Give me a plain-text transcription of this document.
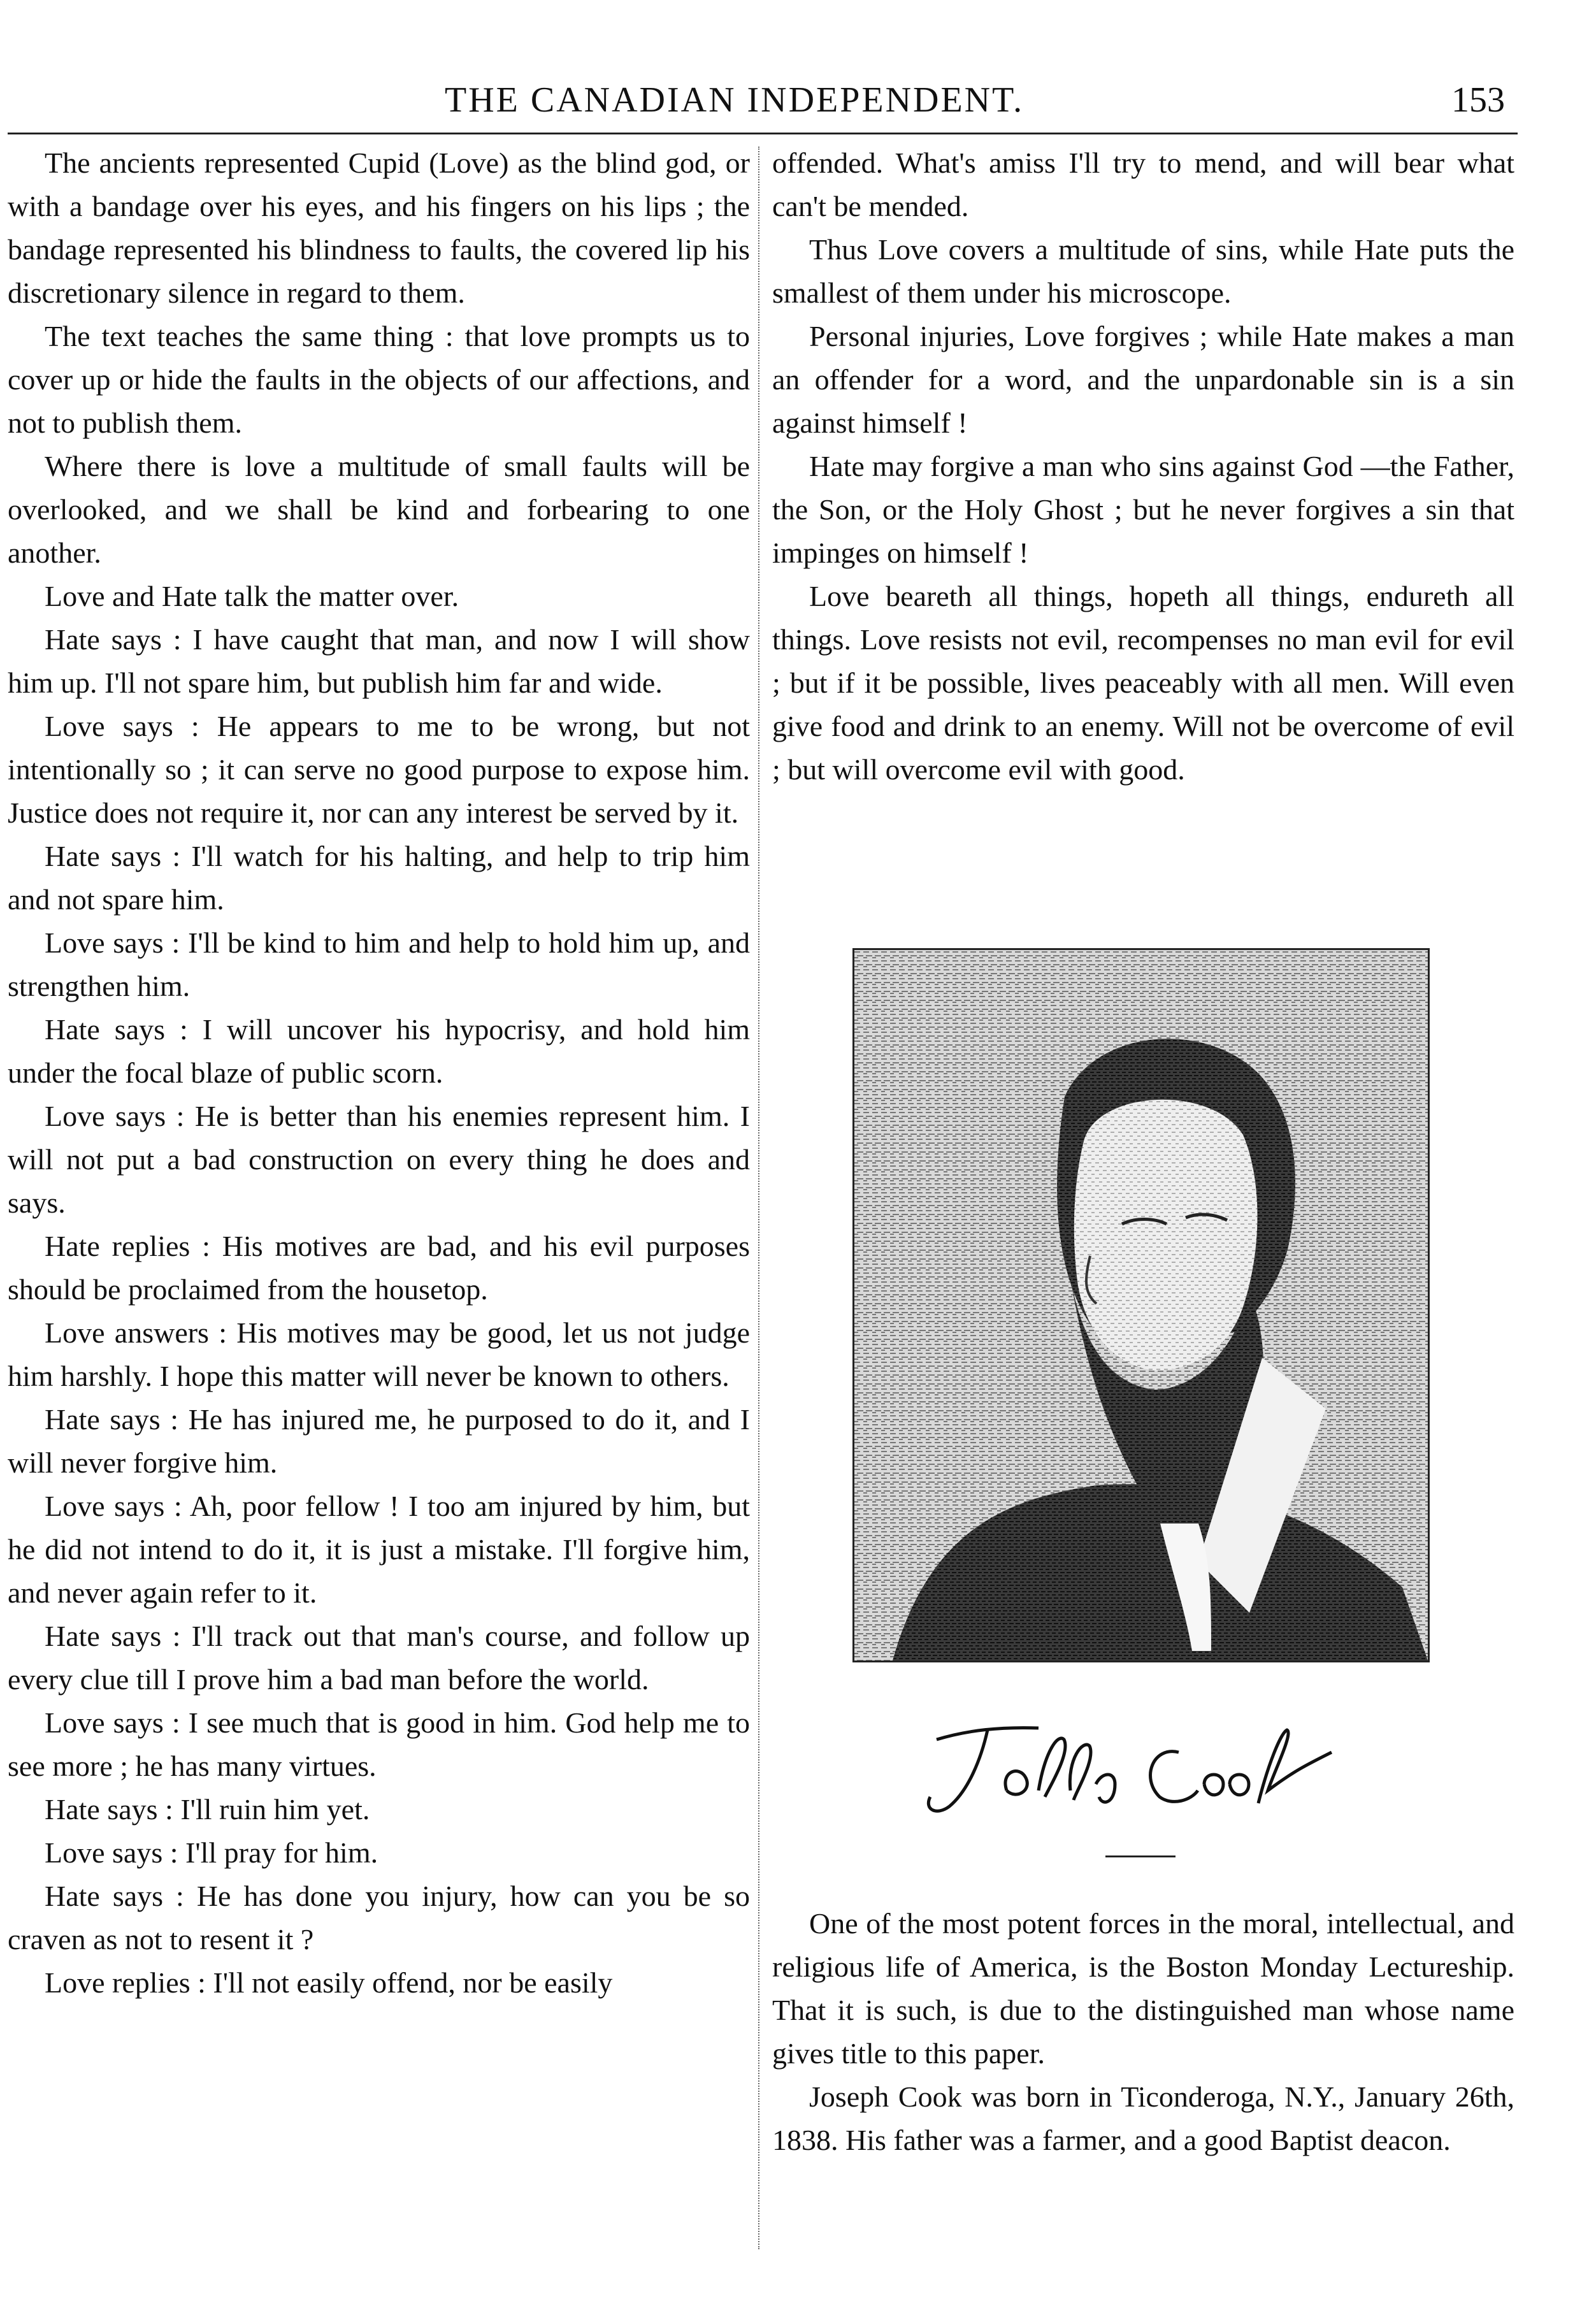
THE CANADIAN INDEPENDENT.	153

The ancients represented Cupid (Love) as the blind god, or with a bandage over his eyes, and his fingers on his lips ; the bandage represented his blindness to faults, the covered lip his discretionary silence in regard to them.

The text teaches the same thing : that love prompts us to cover up or hide the faults in the objects of our affections, and not to publish them.

Where there is love a multitude of small faults will be overlooked, and we shall be kind and forbearing to one another.

Love and Hate talk the matter over.

Hate says : I have caught that man, and now I will show him up. I'll not spare him, but publish him far and wide.

Love says : He appears to me to be wrong, but not intentionally so ; it can serve no good purpose to expose him. Justice does not require it, nor can any interest be served by it.

Hate says : I'll watch for his halting, and help to trip him and not spare him.

Love says : I'll be kind to him and help to hold him up, and strengthen him.

Hate says : I will uncover his hypocrisy, and hold him under the focal blaze of public scorn.

Love says : He is better than his enemies represent him. I will not put a bad construction on every thing he does and says.

Hate replies : His motives are bad, and his evil purposes should be proclaimed from the housetop.

Love answers : His motives may be good, let us not judge him harshly. I hope this matter will never be known to others.

Hate says : He has injured me, he purposed to do it, and I will never forgive him.

Love says : Ah, poor fellow ! I too am injured by him, but he did not intend to do it, it is just a mistake. I'll forgive him, and never again refer to it.

Hate says : I'll track out that man's course, and follow up every clue till I prove him a bad man before the world.

Love says : I see much that is good in him. God help me to see more ; he has many virtues.

Hate says : I'll ruin him yet.

Love says : I'll pray for him.

Hate says : He has done you injury, how can you be so craven as not to resent it ?

Love replies : I'll not easily offend, nor be easily

offended. What's amiss I'll try to mend, and will bear what can't be mended.

Thus Love covers a multitude of sins, while Hate puts the smallest of them under his microscope.

Personal injuries, Love forgives ; while Hate makes a man an offender for a word, and the unpardonable sin is a sin against himself !

Hate may forgive a man who sins against God —the Father, the Son, or the Holy Ghost ; but he never forgives a sin that impinges on himself !

Love beareth all things, hopeth all things, endureth all things. Love resists not evil, recompenses no man evil for evil ; but if it be possible, lives peaceably with all men. Will even give food and drink to an enemy. Will not be overcome of evil ; but will overcome evil with good.

One of the most potent forces in the moral, intellectual, and religious life of America, is the Boston Monday Lectureship. That it is such, is due to the distinguished man whose name gives title to this paper.

Joseph Cook was born in Ticonderoga, N.Y., January 26th, 1838. His father was a farmer, and a good Baptist deacon.
